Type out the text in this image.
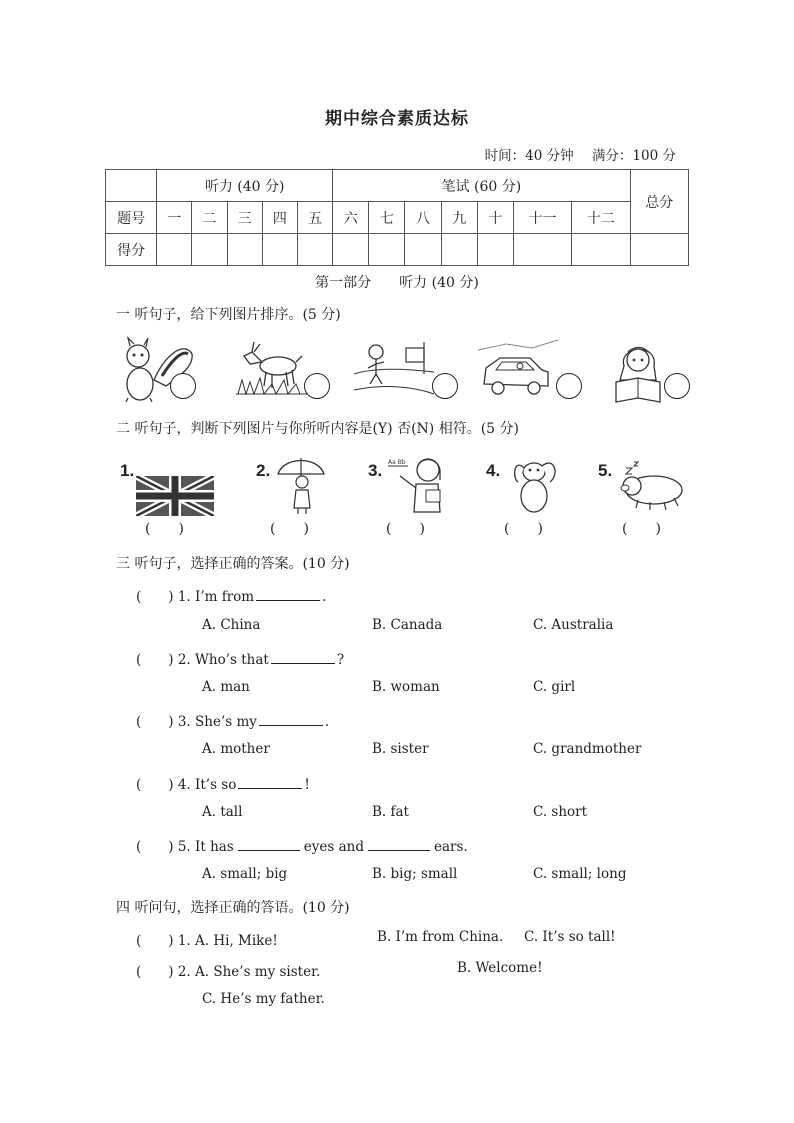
期中综合素质达标
时间：40 分钟 满分：100 分
	听力 (40 分)					笔试 (60 分)							总分
题号	一	二	三	四	五	六	七	八	九	十	十一	十二	
得分													
第一部分　　听力 (40 分)
一 听句子，给下列图片排序。(5 分)
二 听句子，判断下列图片与你所听内容是(Y) 否(N) 相符。(5 分)
1.
(　　)
2.
(　　)
3. Aa Bb
(　　)
4.
(　　)
5.
(　　)
三 听句子，选择正确的答案。(10 分)
(　　) 1. I’m from	.
A. China	B. Canada	C. Australia
(　　) 2. Who’s that	?
A. man	B. woman	C. girl
(　　) 3. She’s my	.
A. mother	B. sister	C. grandmother
(　　) 4. It’s so	!
A. tall	B. fat	C. short
(　　) 5. It has	eyes and	ears.
A. small; big	B. big; small	C. small; long
四 听问句，选择正确的答语。(10 分)
(　　) 1. A. Hi, Mike!	B. I’m from China. C. It’s so tall!
(　　) 2. A. She’s my sister.	B. Welcome!
C. He’s my father.
